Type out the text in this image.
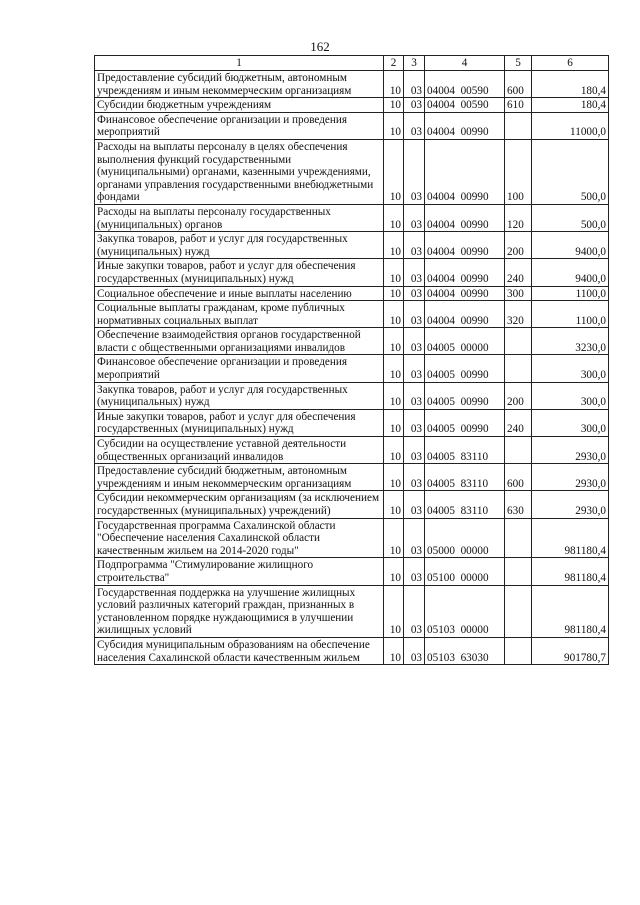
162
1	2	3	4	5	6
Предоставление субсидий бюджетным, автономным учреждениям и иным некоммерческим организациям	10	03	04004  00590	600	180,4
Субсидии бюджетным учреждениям	10	03	04004  00590	610	180,4
Финансовое обеспечение организации и проведения мероприятий	10	03	04004  00990		11000,0
Расходы на выплаты персоналу в целях обеспечения выполнения функций государственными (муниципальными) органами, казенными учреждениями, органами управления государственными внебюджетными фондами	10	03	04004  00990	100	500,0
Расходы на выплаты персоналу государственных (муниципальных) органов	10	03	04004  00990	120	500,0
Закупка товаров, работ и услуг для государственных (муниципальных) нужд	10	03	04004  00990	200	9400,0
Иные закупки товаров, работ и услуг для обеспечения государственных (муниципальных) нужд	10	03	04004  00990	240	9400,0
Социальное обеспечение и иные выплаты населению	10	03	04004  00990	300	1100,0
Социальные выплаты гражданам, кроме публичных нормативных социальных выплат	10	03	04004  00990	320	1100,0
Обеспечение взаимодействия органов государственной власти с общественными организациями инвалидов	10	03	04005  00000		3230,0
Финансовое обеспечение организации и проведения мероприятий	10	03	04005  00990		300,0
Закупка товаров, работ и услуг для государственных (муниципальных) нужд	10	03	04005  00990	200	300,0
Иные закупки товаров, работ и услуг для обеспечения государственных (муниципальных) нужд	10	03	04005  00990	240	300,0
Субсидии на осуществление уставной деятельности общественных организаций инвалидов	10	03	04005  83110		2930,0
Предоставление субсидий бюджетным, автономным учреждениям и иным некоммерческим организациям	10	03	04005  83110	600	2930,0
Субсидии некоммерческим организациям (за исключением государственных (муниципальных) учреждений)	10	03	04005  83110	630	2930,0
Государственная программа Сахалинской области "Обеспечение населения Сахалинской области качественным жильем на 2014-2020 годы"	10	03	05000  00000		981180,4
Подпрограмма "Стимулирование жилищного строительства"	10	03	05100  00000		981180,4
Государственная поддержка на улучшение жилищных условий различных категорий граждан, признанных в установленном порядке нуждающимися в улучшении жилищных условий	10	03	05103  00000		981180,4
Субсидия муниципальным образованиям на обеспечение населения Сахалинской области качественным жильем	10	03	05103  63030		901780,7
